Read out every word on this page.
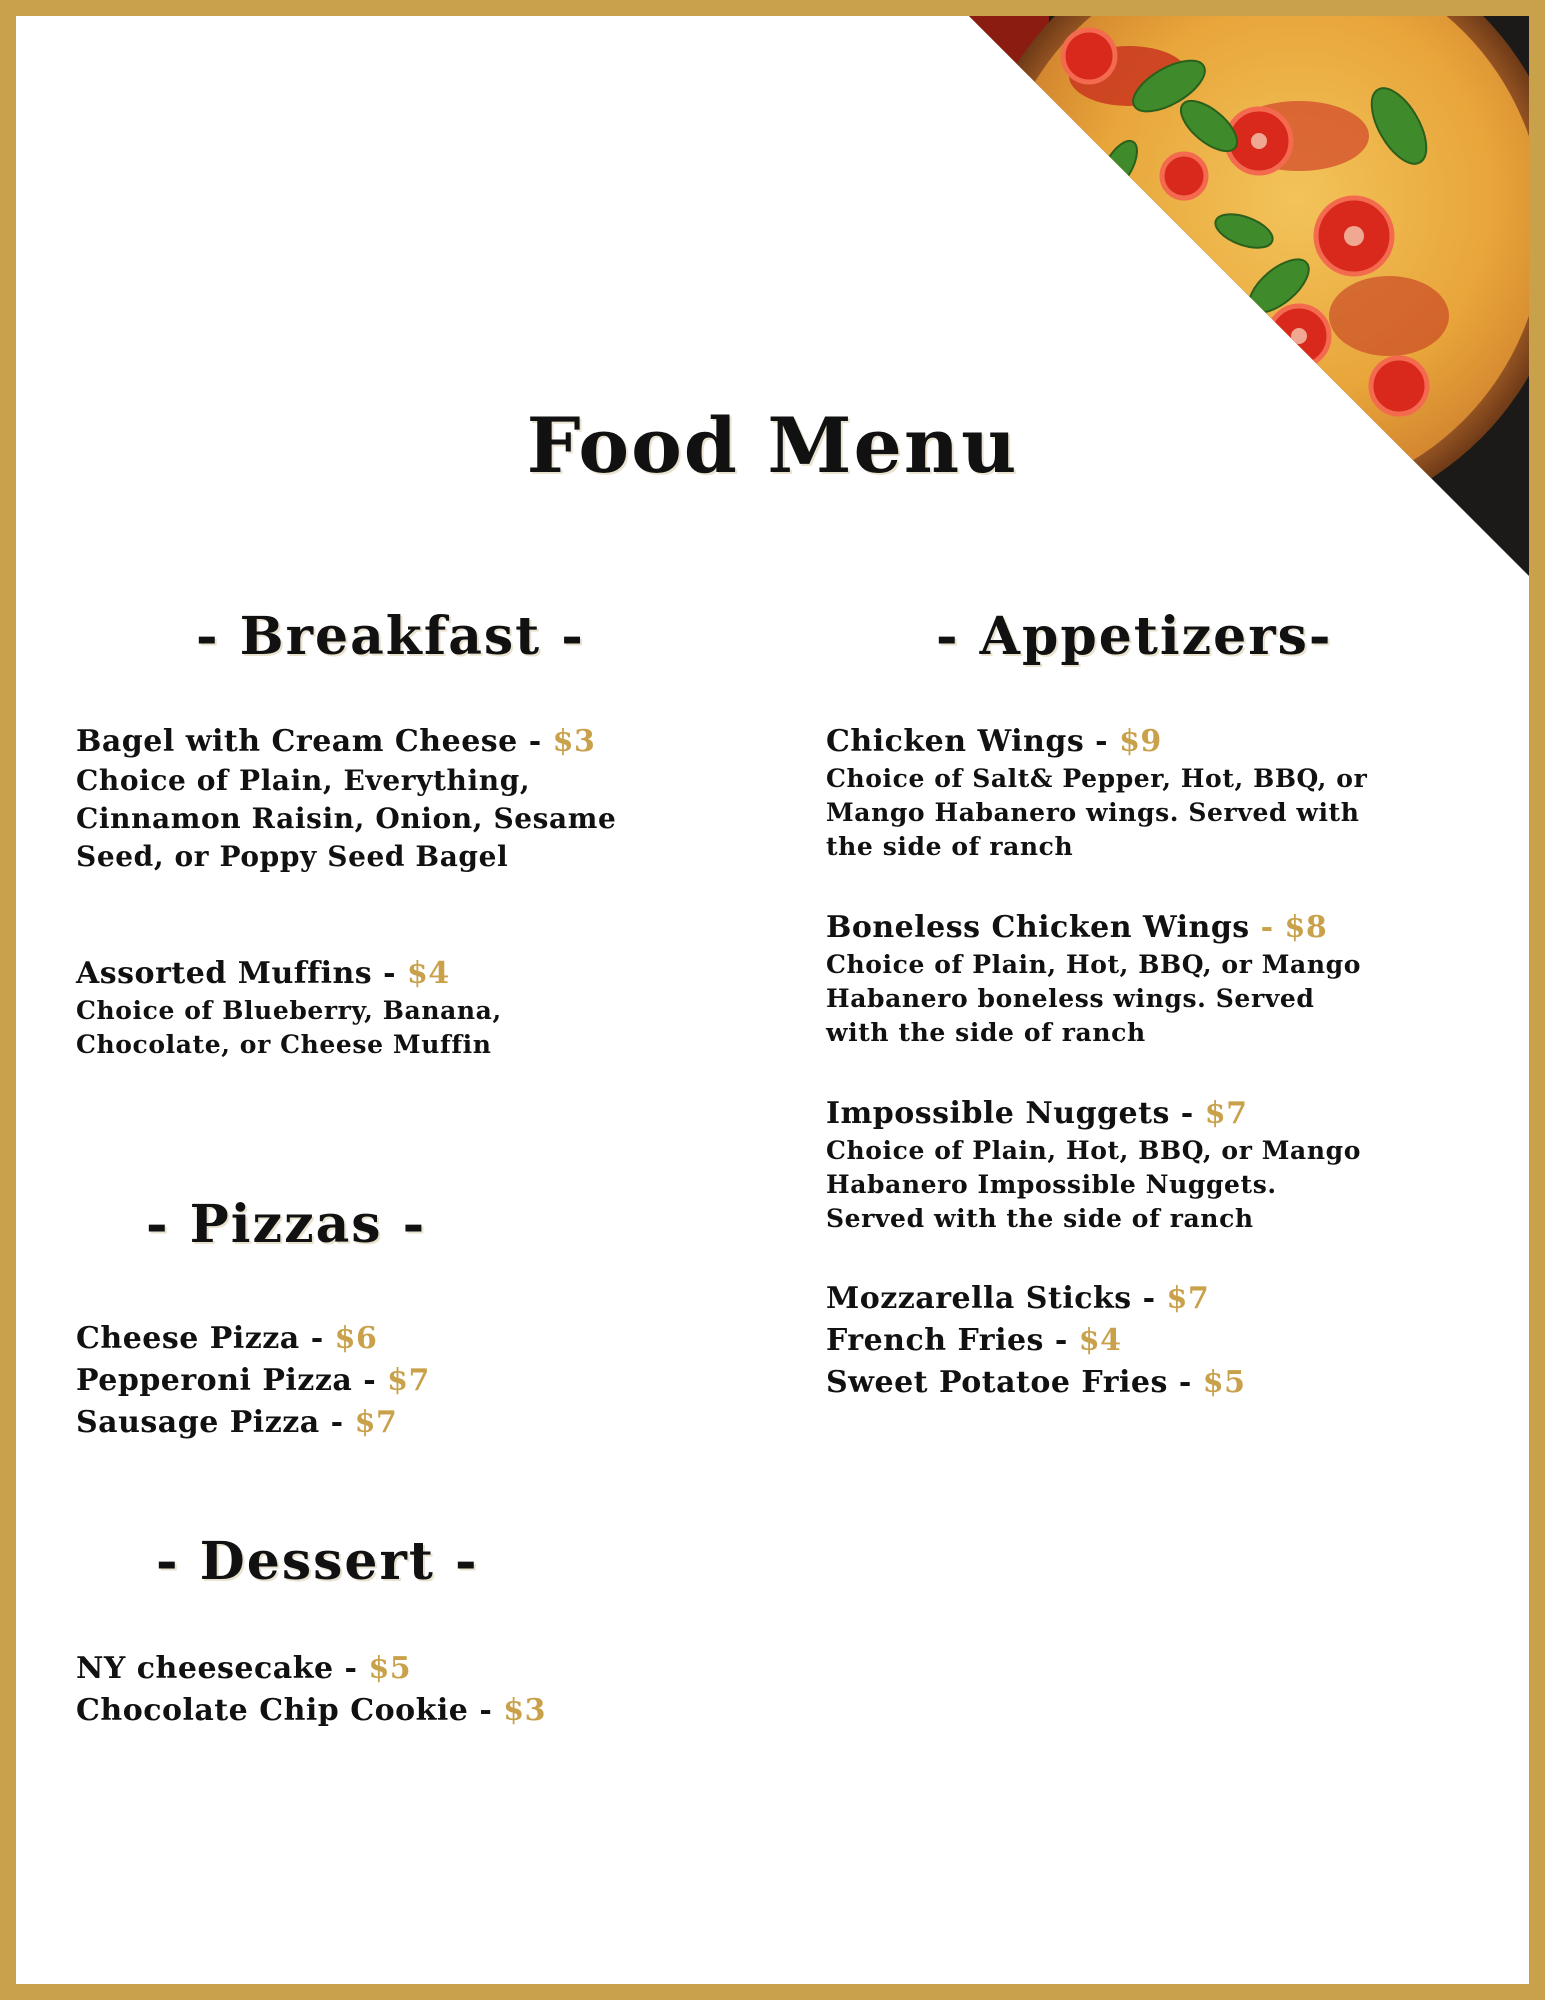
Food Menu
- Breakfast -
Bagel with Cream Cheese - $3
Choice of Plain, Everything,
Cinnamon Raisin, Onion, Sesame
Seed, or Poppy Seed Bagel
Assorted Muffins - $4
Choice of Blueberry, Banana,
Chocolate, or Cheese Muffin
- Pizzas -
Cheese Pizza - $6
Pepperoni Pizza - $7
Sausage Pizza - $7
- Dessert -
NY cheesecake - $5
Chocolate Chip Cookie - $3
- Appetizers-
Chicken Wings - $9
Choice of Salt& Pepper, Hot, BBQ, or
Mango Habanero wings. Served with
the side of ranch
Boneless Chicken Wings - $8
Choice of Plain, Hot, BBQ, or Mango
Habanero boneless wings. Served
with the side of ranch
Impossible Nuggets - $7
Choice of Plain, Hot, BBQ, or Mango
Habanero Impossible Nuggets.
Served with the side of ranch
Mozzarella Sticks - $7
French Fries - $4
Sweet Potatoe Fries - $5
